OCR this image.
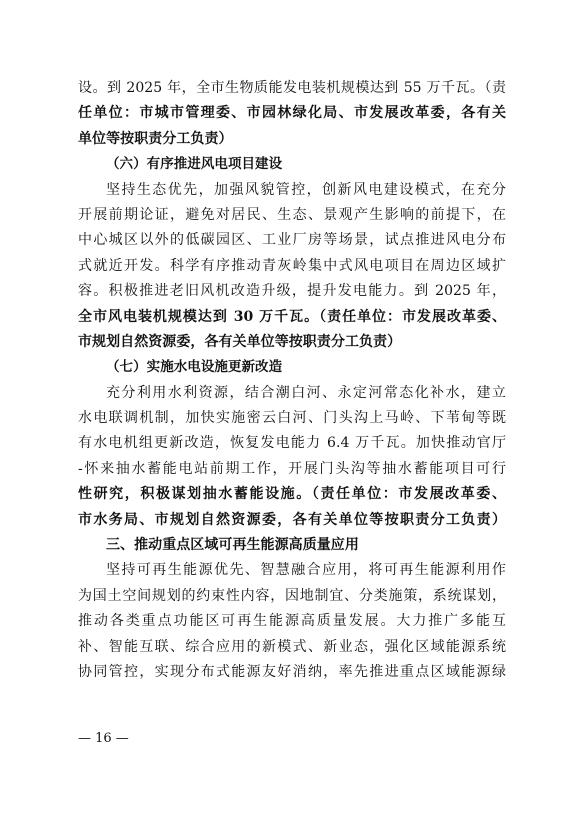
设。到 2025 年，全市生物质能发电装机规模达到 55 万千瓦。（责
任单位：市城市管理委、市园林绿化局、市发展改革委，各有关
单位等按职责分工负责）
（六）有序推进风电项目建设
坚持生态优先，加强风貌管控，创新风电建设模式，在充分
开展前期论证，避免对居民、生态、景观产生影响的前提下，在
中心城区以外的低碳园区、工业厂房等场景，试点推进风电分布
式就近开发。科学有序推动青灰岭集中式风电项目在周边区域扩
容。积极推进老旧风机改造升级，提升发电能力。到 2025 年，
全市风电装机规模达到 30 万千瓦。（责任单位：市发展改革委、
市规划自然资源委，各有关单位等按职责分工负责）
（七）实施水电设施更新改造
充分利用水利资源，结合潮白河、永定河常态化补水，建立
水电联调机制，加快实施密云白河、门头沟上马岭、下苇甸等既
有水电机组更新改造，恢复发电能力 6.4 万千瓦。加快推动官厅
-怀来抽水蓄能电站前期工作，开展门头沟等抽水蓄能项目可行
性研究，积极谋划抽水蓄能设施。（责任单位：市发展改革委、
市水务局、市规划自然资源委，各有关单位等按职责分工负责）
三、推动重点区域可再生能源高质量应用
坚持可再生能源优先、智慧融合应用，将可再生能源利用作
为国土空间规划的约束性内容，因地制宜、分类施策，系统谋划，
推动各类重点功能区可再生能源高质量发展。大力推广多能互
补、智能互联、综合应用的新模式、新业态，强化区域能源系统
协同管控，实现分布式能源友好消纳，率先推进重点区域能源绿
— 16 —
